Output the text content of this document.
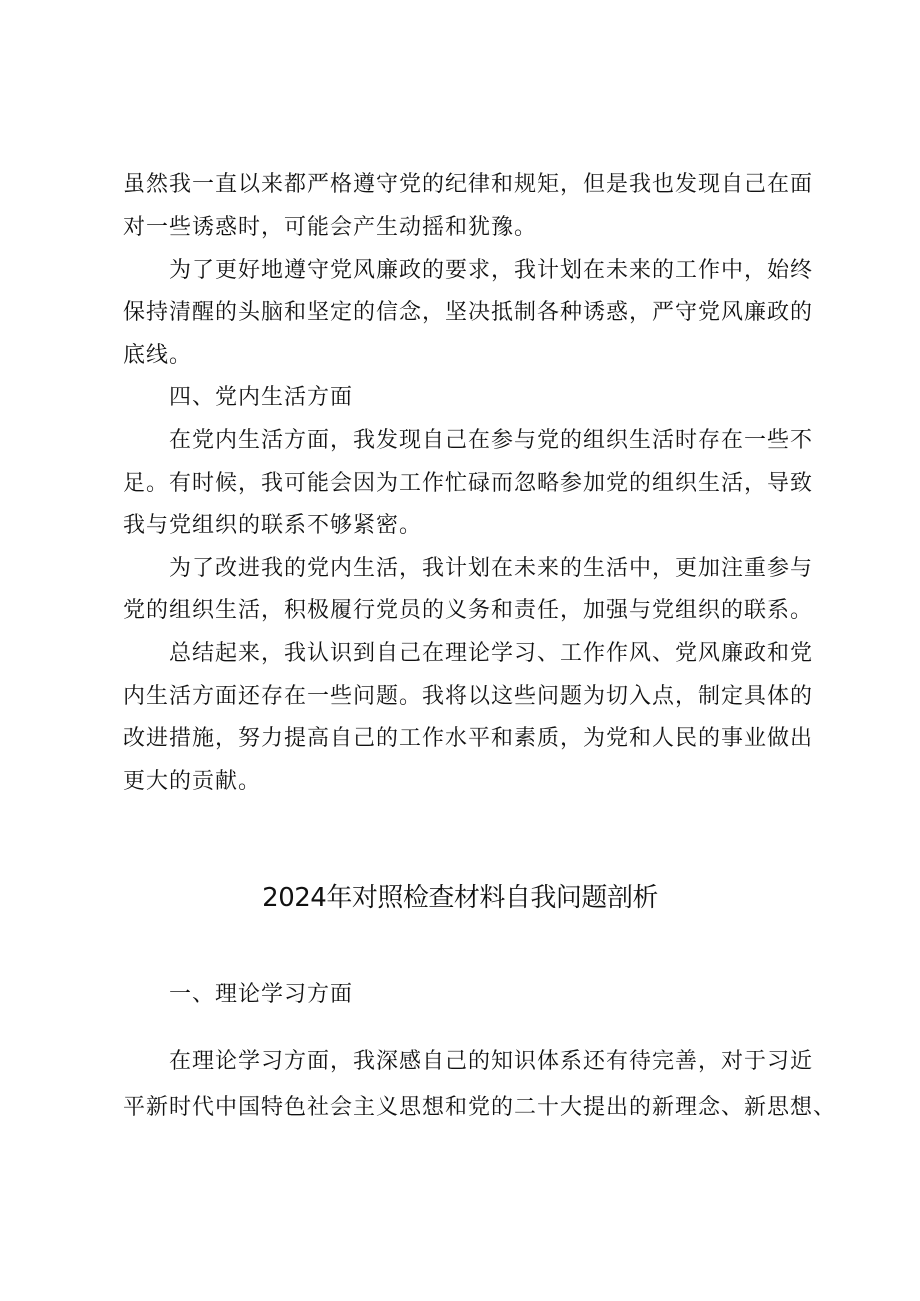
虽然我一直以来都严格遵守党的纪律和规矩，但是我也发现自己在面
对一些诱惑时，可能会产生动摇和犹豫。
为了更好地遵守党风廉政的要求，我计划在未来的工作中，始终
保持清醒的头脑和坚定的信念，坚决抵制各种诱惑，严守党风廉政的
底线。
四、党内生活方面
在党内生活方面，我发现自己在参与党的组织生活时存在一些不
足。有时候，我可能会因为工作忙碌而忽略参加党的组织生活，导致
我与党组织的联系不够紧密。
为了改进我的党内生活，我计划在未来的生活中，更加注重参与
党的组织生活，积极履行党员的义务和责任，加强与党组织的联系。
总结起来，我认识到自己在理论学习、工作作风、党风廉政和党
内生活方面还存在一些问题。我将以这些问题为切入点，制定具体的
改进措施，努力提高自己的工作水平和素质，为党和人民的事业做出
更大的贡献。
2024年对照检查材料自我问题剖析
一、理论学习方面
在理论学习方面，我深感自己的知识体系还有待完善，对于习近
平新时代中国特色社会主义思想和党的二十大提出的新理念、新思想、
